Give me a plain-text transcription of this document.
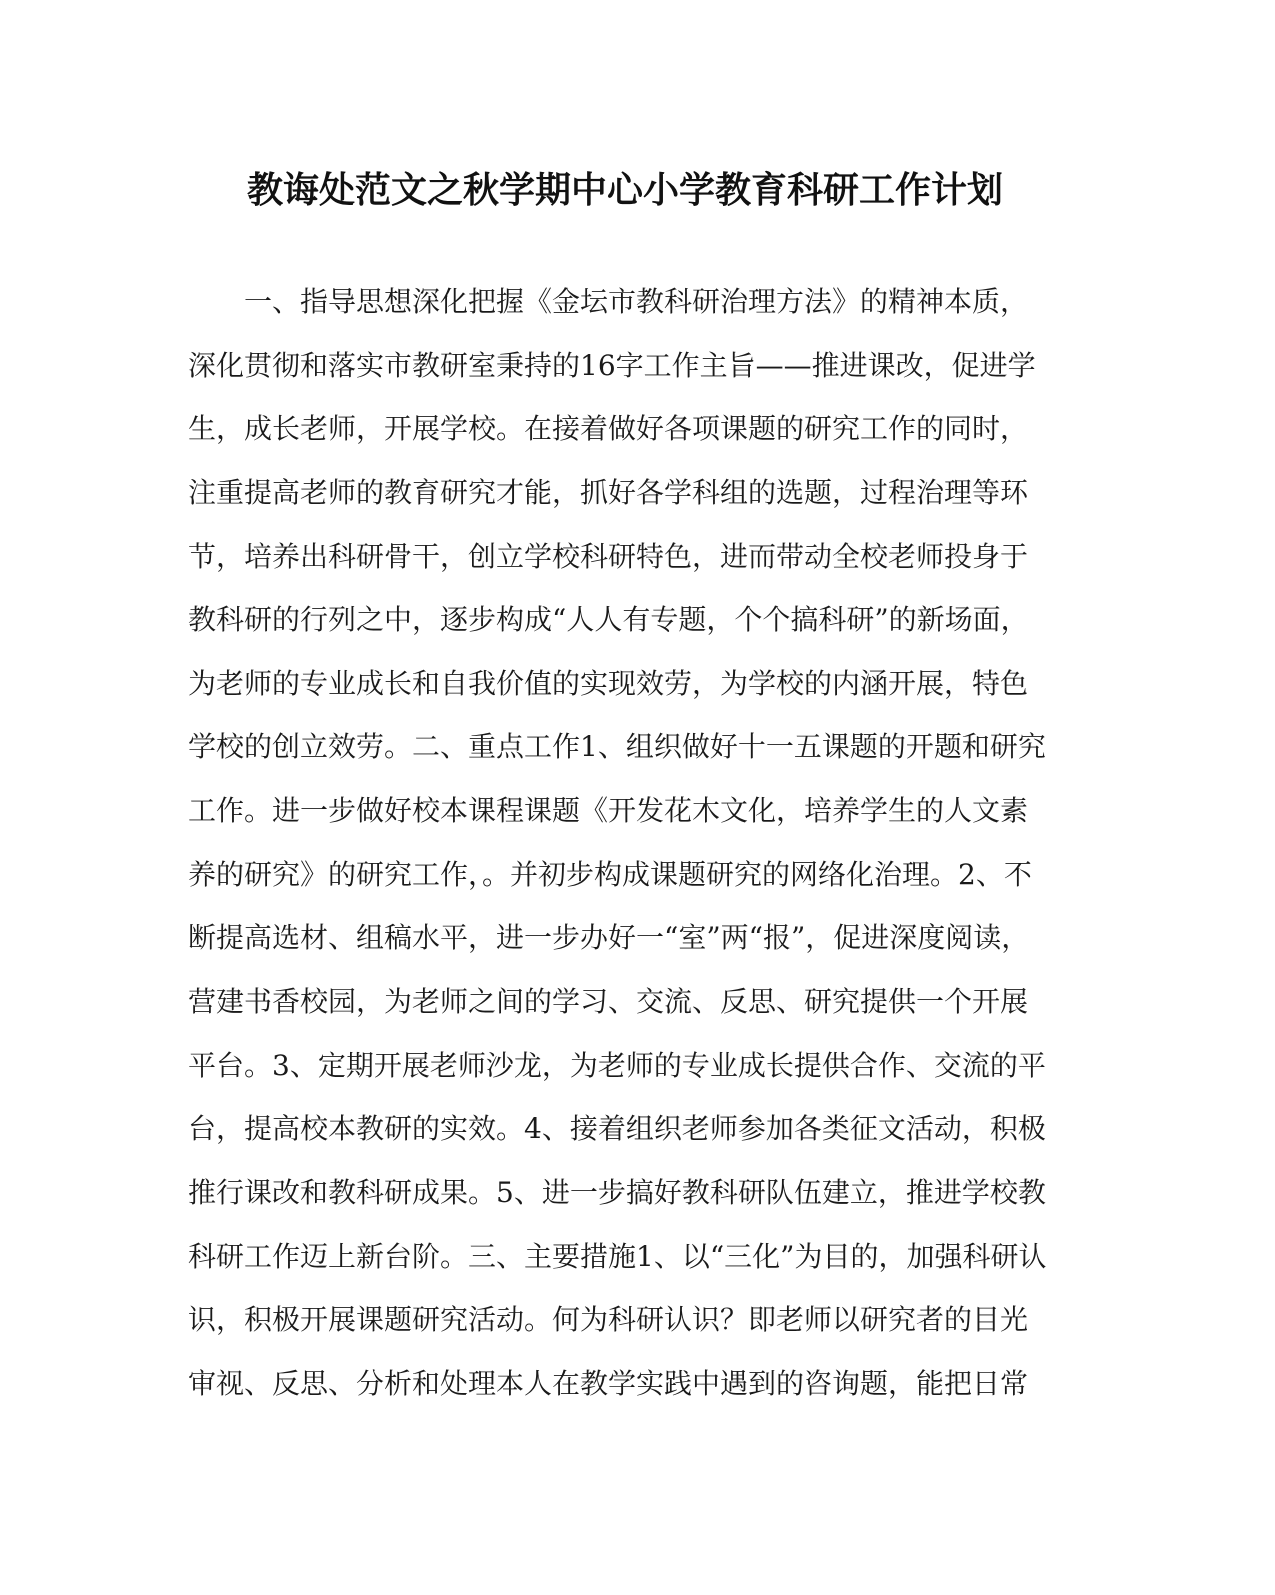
教诲处范文之秋学期中心小学教育科研工作计划
一、指导思想深化把握《金坛市教科研治理方法》的精神本质，
深化贯彻和落实市教研室秉持的16字工作主旨——推进课改，促进学
生，成长老师，开展学校。在接着做好各项课题的研究工作的同时，
注重提高老师的教育研究才能，抓好各学科组的选题，过程治理等环
节，培养出科研骨干，创立学校科研特色，进而带动全校老师投身于
教科研的行列之中，逐步构成“人人有专题，个个搞科研”的新场面，
为老师的专业成长和自我价值的实现效劳，为学校的内涵开展，特色
学校的创立效劳。二、重点工作1、组织做好十一五课题的开题和研究
工作。进一步做好校本课程课题《开发花木文化，培养学生的人文素
养的研究》的研究工作，。并初步构成课题研究的网络化治理。2、不
断提高选材、组稿水平，进一步办好一“室”两“报”，促进深度阅读，
营建书香校园，为老师之间的学习、交流、反思、研究提供一个开展
平台。3、定期开展老师沙龙，为老师的专业成长提供合作、交流的平
台，提高校本教研的实效。4、接着组织老师参加各类征文活动，积极
推行课改和教科研成果。5、进一步搞好教科研队伍建立，推进学校教
科研工作迈上新台阶。三、主要措施1、以“三化”为目的，加强科研认
识，积极开展课题研究活动。何为科研认识？即老师以研究者的目光
审视、反思、分析和处理本人在教学实践中遇到的咨询题，能把日常
